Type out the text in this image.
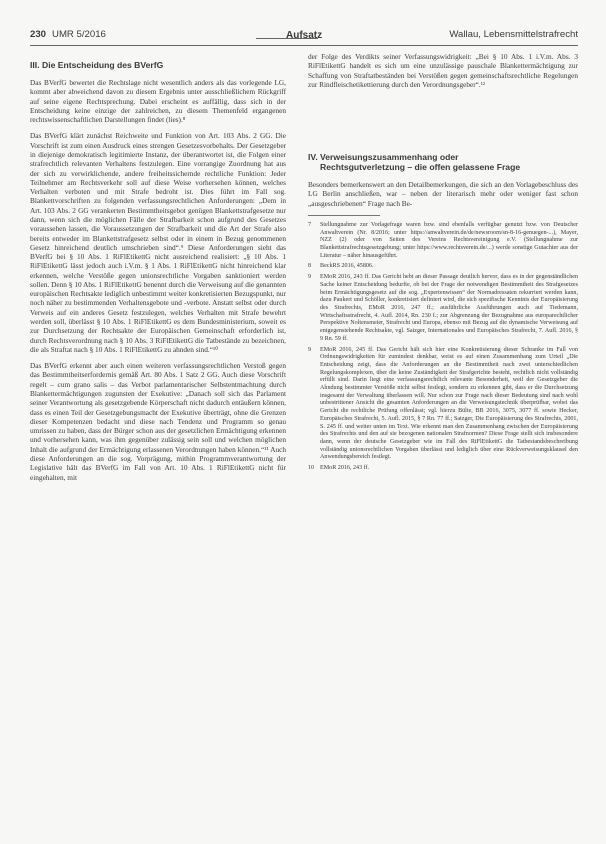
230 UMR 5/2016	Aufsatz	Wallau, Lebensmittelstrafrecht
III. Die Entscheidung des BVerfG

Das BVerfG bewertet die Rechtslage nicht wesentlich anders als das vorlegende LG, kommt aber abweichend davon zu diesem Ergebnis unter ausschließlichem Rückgriff auf seine eigene Rechtsprechung. Dabei erscheint es auffällig, dass sich in der Entscheidung keine einzige der zahlreichen, zu diesem Themenfeld ergangenen rechtswissenschaftlichen Darstellungen findet (lies).⁸

Das BVerfG klärt zunächst Reichweite und Funktion von Art. 103 Abs. 2 GG. Die Vorschrift ist zum einen Ausdruck eines strengen Gesetzesvorbehalts. Der Gesetzgeber in diejenige demokratisch legitimierte Instanz, der überantwortet ist, die Folgen einer strafrechtlich relevanten Verhaltens festzulegen. Eine vorrangige Zuordnung hat aus der sich zu verwirklichende, andere freiheitssichernde rechtliche Funktion: Jeder Teilnehmer am Rechtsverkehr soll auf diese Weise vorhersehen können, welches Verhalten verboten und mit Strafe bedroht ist. Dies führt im Fall sog. Blankettvorschriften zu folgenden verfassungsrechtlichen Anforderungen: „Dem in Art. 103 Abs. 2 GG verankerten Bestimmtheitsgebot genügen Blankettstrafgesetze nur dann, wenn sich die möglichen Fälle der Strafbarkeit schon aufgrund des Gesetzes voraussehen lassen, die Voraussetzungen der Strafbarkeit und die Art der Strafe also bereits entweder im Blankettstrafgesetz selbst oder in einem in Bezug genommenen Gesetz hinreichend deutlich umschrieben sind“.⁹ Diese Anforderungen sieht das BVerfG bei § 10 Abs. 1 RiFlEtikettG nicht ausreichend realisiert: „§ 10 Abs. 1 RiFlEtikettG lässt jedoch auch i.V.m. § 1 Abs. 1 RiFlEtikettG nicht hinreichend klar erkennen, welche Verstöße gegen unionsrechtliche Vorgaben sanktioniert werden sollen. Denn § 10 Abs. 1 RiFlEtikettG benennt durch die Verweisung auf die genannten europäischen Rechtsakte lediglich unbestimmt weiter konkretisierten Bezugspunkt, nur noch näher zu bestimmenden Verhaltensgebote und -verbote. Anstatt selbst oder durch Verweis auf ein anderes Gesetz festzulegen, welches Verhalten mit Strafe bewehrt werden soll, überlässt § 10 Abs. 1 RiFlEtikettG es dem Bundesministerium, soweit es zur Durchsetzung der Rechtsakte der Europäischen Gemeinschaft erforderlich ist, durch Rechtsverordnung nach § 10 Abs. 3 RiFlEtikettG die Tatbestände zu bezeichnen, die als Straftat nach § 10 Abs. 1 RiFlEtikettG zu ahnden sind.“¹⁰

Das BVerfG erkennt aber auch einen weiteren verfassungsrechtlichen Verstoß gegen das Bestimmtheitserfordernis gemäß Art. 80 Abs. 1 Satz 2 GG. Auch diese Vorschrift regelt – cum grano salis – das Verbot parlamentarischer Selbstentmachtung durch Blankettermächtigungen zugunsten der Exekutive: „Danach soll sich das Parlament seiner Verantwortung als gesetzgebende Körperschaft nicht dadurch entäußern können, dass es einen Teil der Gesetzgebungsmacht der Exekutive überträgt, ohne die Grenzen dieser Kompetenzen bedacht und diese nach Tendenz und Programm so genau umrissen zu haben, dass der Bürger schon aus der gesetzlichen Ermächtigung erkennen und vorhersehen kann, was ihm gegenüber zulässig sein soll und welchen möglichen Inhalt die aufgrund der Ermächtigung erlassenen Verordnungen haben können.“¹¹ Auch diese Anforderungen an die sog. Vorprägung, mithin Programmverantwortung der Legislative hält das BVerfG im Fall von Art. 10 Abs. 1 RiFlEtikettG nicht für eingehalten, mit

der Folge des Verdikts seiner Verfassungswidrigkeit: „Bei § 10 Abs. 1 i.V.m. Abs. 3 RiFlEtikettG handelt es sich um eine unzulässige pauschale Blankettermächtigung zur Schaffung von Straftatbeständen bei Verstößen gegen gemeinschaftsrechtliche Regelungen zur Rindfleischetikettierung durch den Verordnungsgeber“.¹²

IV. Verweisungszusammenhang oder
Rechtsgutverletzung – die offen gelassene Frage

Besonders bemerkenswert an den Detailbemerkungen, die sich an den Vorlagebeschluss des LG Berlin anschließen, war – neben der literarisch mehr oder weniger fast schon „ausgeschriebenen“ Frage nach Be-

7	Stellungnahme zur Vorlagefrage waren bzw. sind ebenfalls verfügbar genutzt bzw. von Deutscher Anwaltverein (Nr. 8/2016; unter https://anwaltverein.de/de/newsroom/sn-8-16-genuegen-...), Mayer, NZZ (2) oder von Seiten des Vereins Rechtsvereinigung e.V. (Stellungnahme zur Blankettstrafrechtsgesetzgebung; unter https://www.rechtsverein.de/...) werde sonstige Gutachter aus der Literatur – näher hinausgeführt.
8	BeckRS 2016, 45806.
9	EMoR 2016, 243 ff. Das Gericht hebt an dieser Passage deutlich hervor, dass es in der gegenständlichen Sache keiner Entscheidung bedurfte, ob bei der Frage der notwendigen Bestimmtheit des Strafgesetzes beim Ermächtigungsgesetz auf die sog. „Expertenwissen“ der Normadressaten rekurriert werden kann, dazu Paukert und Schöller, konkretisiert definiert wird, die sich spezifische Kenntnis der Europäisierung des Strafrechts, EMoR 2016, 247 ff.; ausführliche Ausführungen auch auf Tiedemann, Wirtschaftsstrafrecht, 4. Aufl. 2014, Rn. 230 f.; zur Abgrenzung der Bezugnahme aus europarechtlicher Perspektive Noltensmeier, Strafrecht und Europa, ebenso mit Bezug auf die dynamische Verweisung auf entgegenstehende Rechtsakte, vgl. Satzger, Internationales und Europäisches Strafrecht, 7. Aufl. 2016, § 9 Rn. 59 ff.
9	EMoR 2016, 245 ff. Das Gericht hält sich hier eine Konkretisierung dieser Schranke im Fall von Ordnungswidrigkeiten für zumindest denkbar, weist es auf einen Zusammenhang zum Urteil „Die Entscheidung zeigt, dass die Anforderungen an die Bestimmtheit nach zwei unterschiedlichen Regelungskomplexen, über die keine Zuständigkeit der Strafgerichte besteht, rechtlich nicht vollständig erfüllt sind. Darin liegt eine verfassungsrechtlich relevante Besonderheit, weil der Gesetzgeber die Ahndung bestimmter Verstöße nicht selbst festlegt, sondern zu erkennen gibt, dass er die Durchsetzung insgesamt der Verwaltung überlassen will. Nur schon zur Frage nach dieser Bedeutung sind nach wohl unbestrittener Ansicht die gesamten Anforderungen an die Verweisungstechnik überprüfbar, wobei das Gericht die rechtliche Prüfung offenlässt; vgl. hierzu Bülte, BB 2016, 3075, 3077 ff. sowie Hecker, Europäisches Strafrecht, 5. Aufl. 2015, § 7 Rn. 77 ff.; Satzger, Die Europäisierung des Strafrechts, 2001, S. 245 ff. und weiter unten im Text. Wie erkennt man den Zusammenhang zwischen der Europäisierung des Strafrechts und den auf sie bezogenen nationalen Strafnormen? Diese Frage stellt sich insbesondere dann, wenn der deutsche Gesetzgeber wie im Fall des RiFlEtikettG die Tatbestandsbeschreibung vollständig unionsrechtlichen Vorgaben überlässt und lediglich über eine Rückverweisungsklausel den Anwendungsbereich festlegt.
10 EMoR 2016, 243 ff.
